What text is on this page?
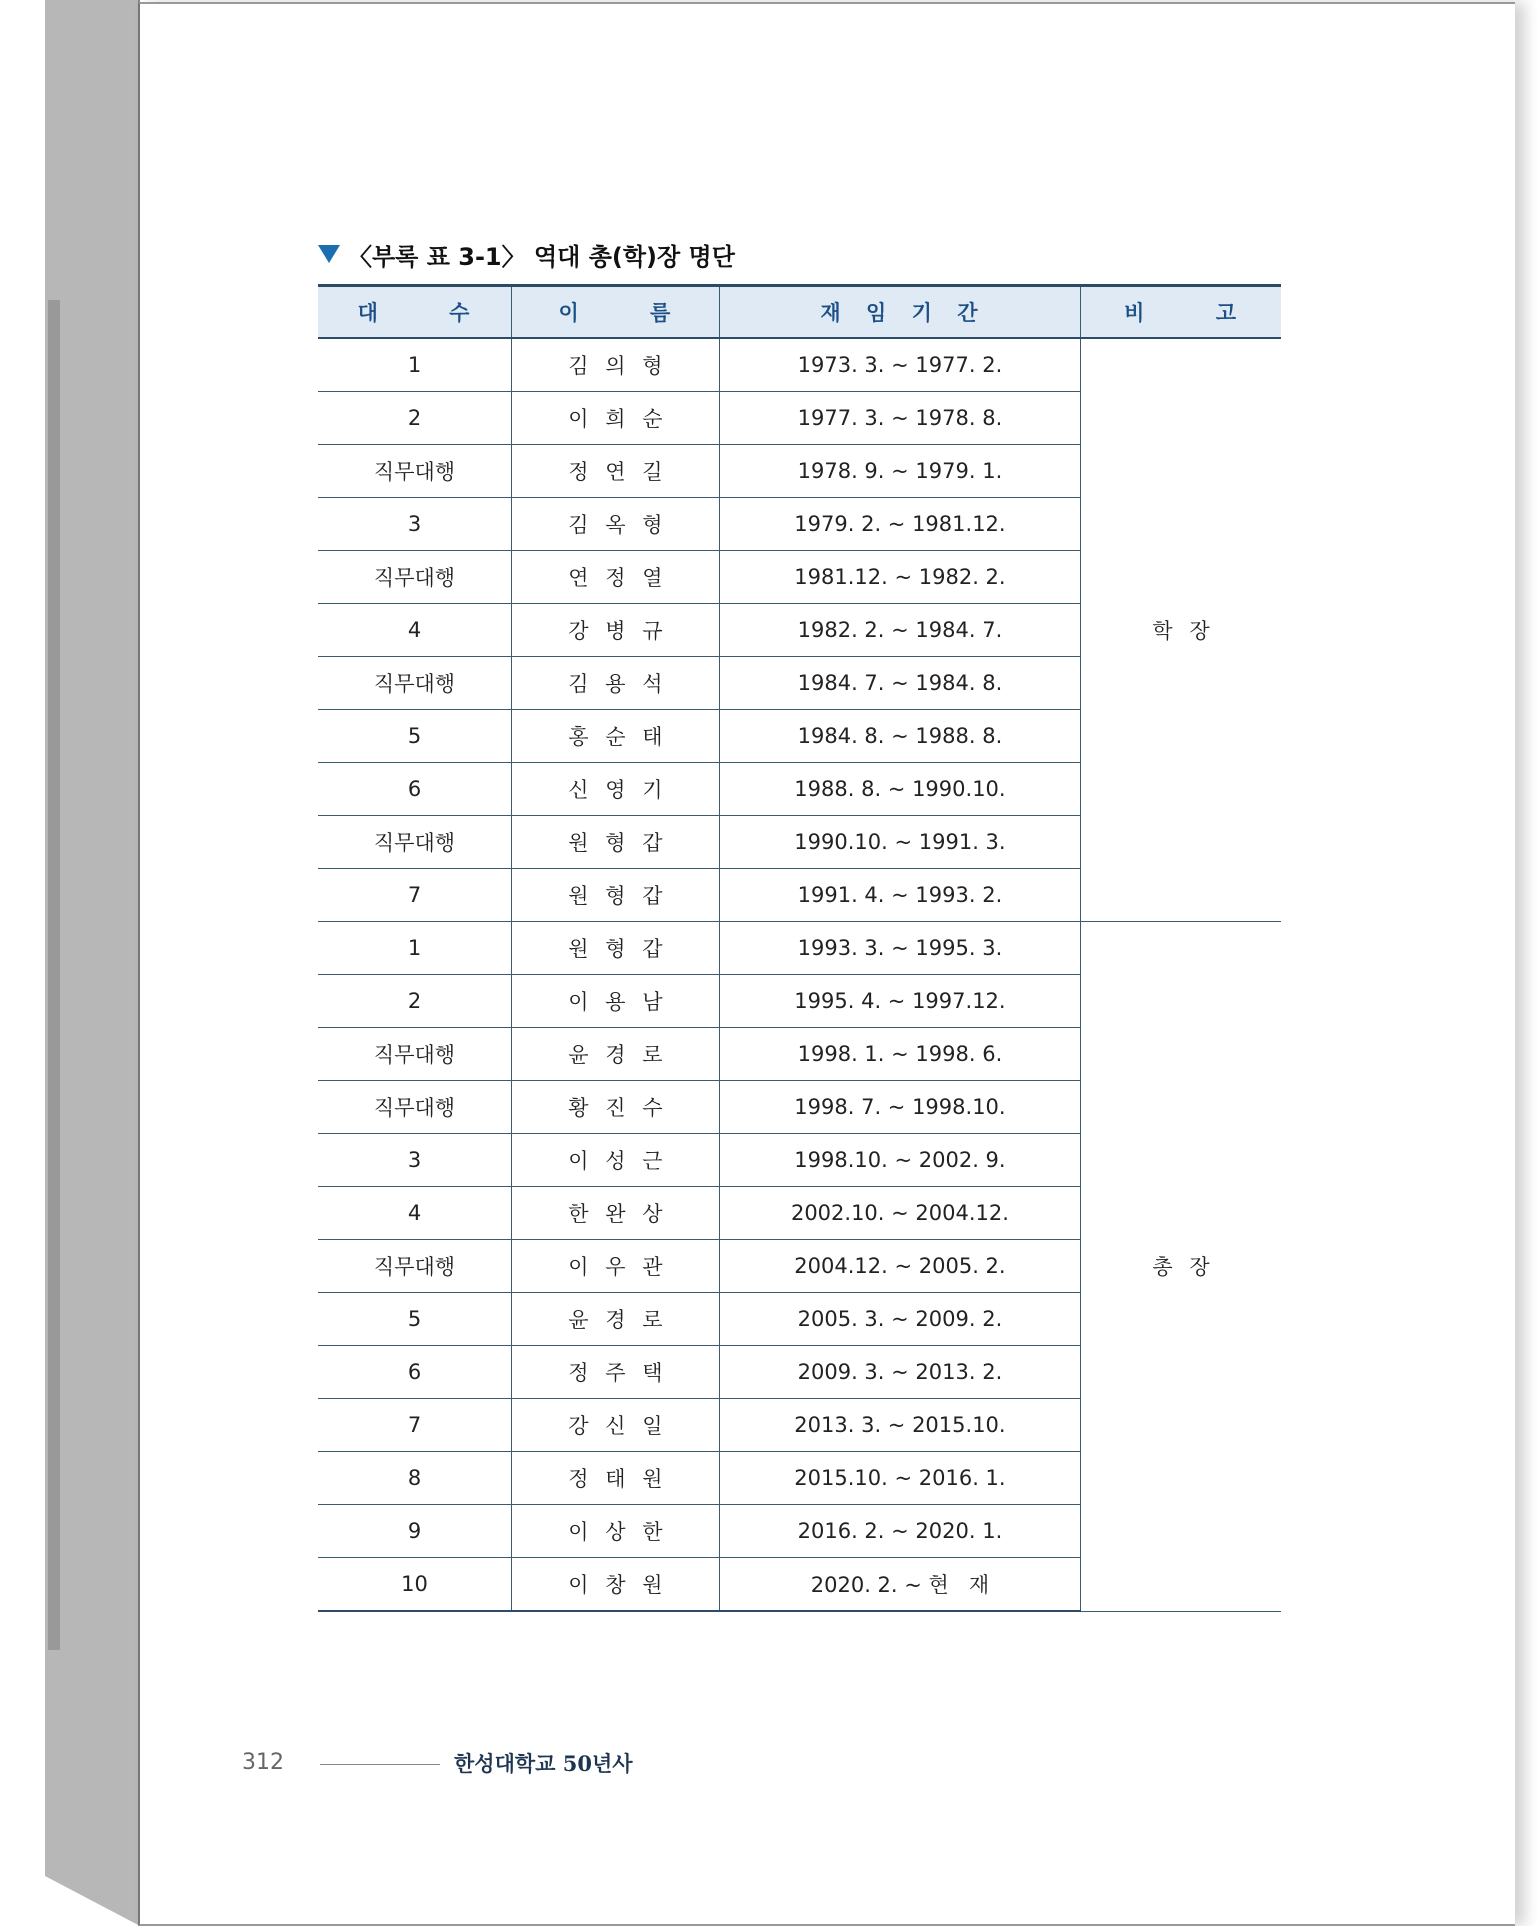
〈부록 표 3-1〉 역대 총(학)장 명단
대 수	이 름	재 임 기 간	비 고
1	김 의 형	1973. 3. ~ 1977. 2.	학 장
2	이 희 순	1977. 3. ~ 1978. 8.	
직무대행	정 연 길	1978. 9. ~ 1979. 1.	
3	김 옥 형	1979. 2. ~ 1981.12.	
직무대행	연 정 열	1981.12. ~ 1982. 2.	
4	강 병 규	1982. 2. ~ 1984. 7.	
직무대행	김 용 석	1984. 7. ~ 1984. 8.	
5	홍 순 태	1984. 8. ~ 1988. 8.	
6	신 영 기	1988. 8. ~ 1990.10.	
직무대행	원 형 갑	1990.10. ~ 1991. 3.	
7	원 형 갑	1991. 4. ~ 1993. 2.	
1	원 형 갑	1993. 3. ~ 1995. 3.	총 장
2	이 용 남	1995. 4. ~ 1997.12.	
직무대행	윤 경 로	1998. 1. ~ 1998. 6.	
직무대행	황 진 수	1998. 7. ~ 1998.10.	
3	이 성 근	1998.10. ~ 2002. 9.	
4	한 완 상	2002.10. ~ 2004.12.	
직무대행	이 우 관	2004.12. ~ 2005. 2.	
5	윤 경 로	2005. 3. ~ 2009. 2.	
6	정 주 택	2009. 3. ~ 2013. 2.	
7	강 신 일	2013. 3. ~ 2015.10.	
8	정 태 원	2015.10. ~ 2016. 1.	
9	이 상 한	2016. 2. ~ 2020. 1.	
10	이 창 원	2020. 2. ~ 현   재	
312	한성대학교 50년사
